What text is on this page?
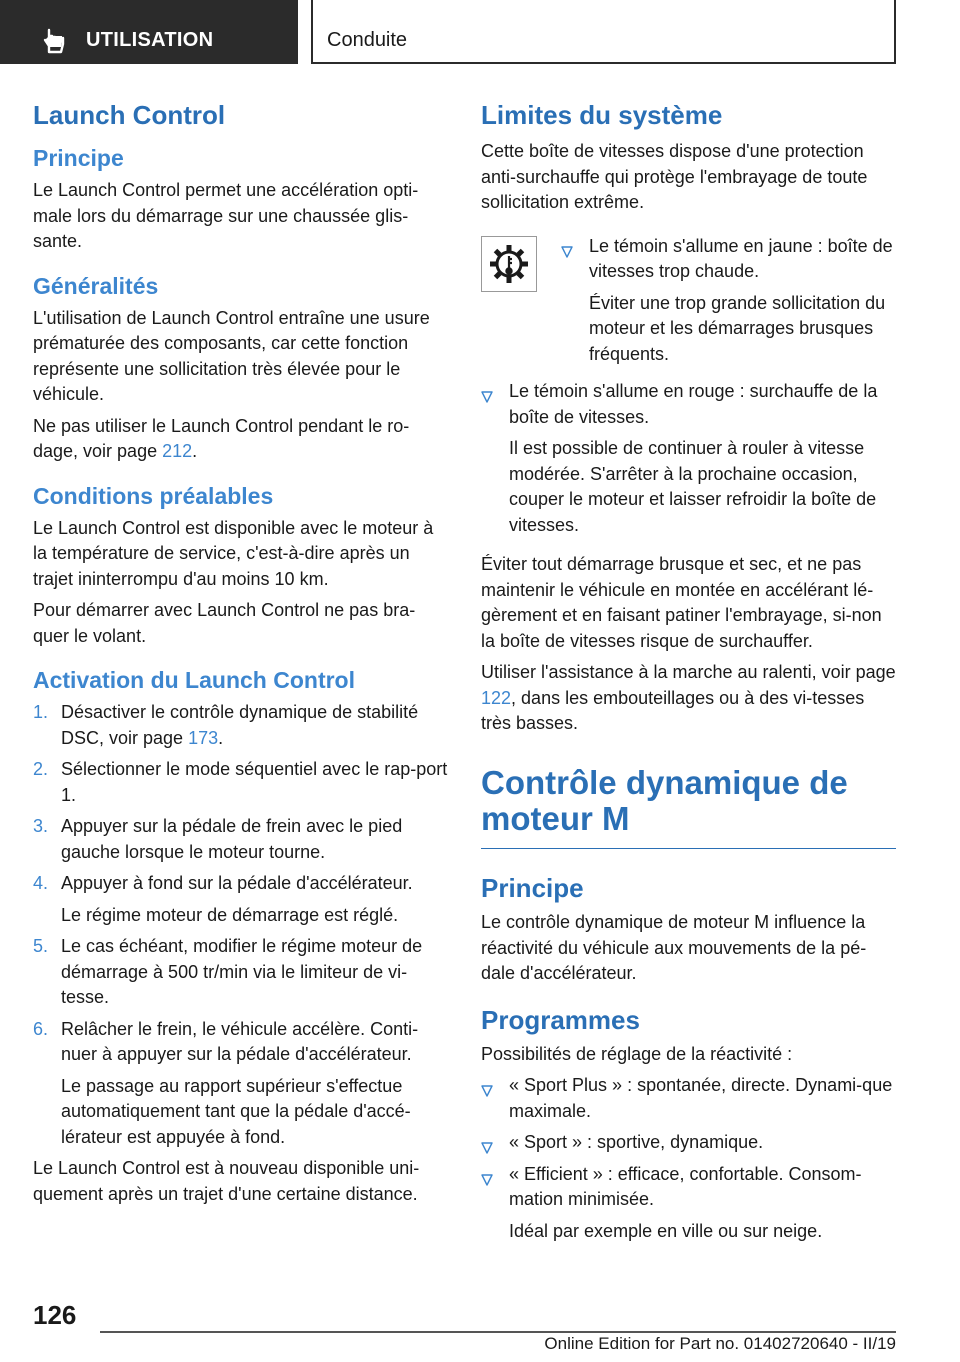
UTILISATION	Conduite
Launch Control
Principe

Le Launch Control permet une accélération opti-male lors du démarrage sur une chaussée glis-sante.

Généralités

L'utilisation de Launch Control entraîne une usure prématurée des composants, car cette fonction représente une sollicitation très élevée pour le véhicule.

Ne pas utiliser le Launch Control pendant le ro-dage, voir page 212.

Conditions préalables

Le Launch Control est disponible avec le moteur à la température de service, c'est-à-dire après un trajet ininterrompu d'au moins 10 km.

Pour démarrer avec Launch Control ne pas bra-quer le volant.

Activation du Launch Control
1. Désactiver le contrôle dynamique de stabilité DSC, voir page 173.
2. Sélectionner le mode séquentiel avec le rap-port 1.
3. Appuyer sur la pédale de frein avec le pied gauche lorsque le moteur tourne.
4. Appuyer à fond sur la pédale d'accélérateur.
Le régime moteur de démarrage est réglé.
5. Le cas échéant, modifier le régime moteur de démarrage à 500 tr/min via le limiteur de vi-tesse.
6. Relâcher le frein, le véhicule accélère. Conti-nuer à appuyer sur la pédale d'accélérateur.
Le passage au rapport supérieur s'effectue automatiquement tant que la pédale d'accé-lérateur est appuyée à fond.

Le Launch Control est à nouveau disponible uni-quement après un trajet d'une certaine distance.

Limites du système

Cette boîte de vitesses dispose d'une protection anti-surchauffe qui protège l'embrayage de toute sollicitation extrême.

Le témoin s'allume en jaune : boîte de vitesses trop chaude.
Éviter une trop grande sollicitation du moteur et les démarrages brusques fréquents.
Le témoin s'allume en rouge : surchauffe de la boîte de vitesses.
Il est possible de continuer à rouler à vitesse modérée. S'arrêter à la prochaine occasion, couper le moteur et laisser refroidir la boîte de vitesses.

Éviter tout démarrage brusque et sec, et ne pas maintenir le véhicule en montée en accélérant lé-gèrement et en faisant patiner l'embrayage, si-non la boîte de vitesses risque de surchauffer.

Utiliser l'assistance à la marche au ralenti, voir page 122, dans les embouteillages ou à des vi-tesses très basses.

Contrôle dynamique de moteur M
Principe

Le contrôle dynamique de moteur M influence la réactivité du véhicule aux mouvements de la pé-dale d'accélérateur.

Programmes

Possibilités de réglage de la réactivité :

« Sport Plus » : spontanée, directe. Dynami-que maximale.
« Sport » : sportive, dynamique.
« Efficient » : efficace, confortable. Consom-mation minimisée.
Idéal par exemple en ville ou sur neige.
126
Online Edition for Part no. 01402720640 - II/19
